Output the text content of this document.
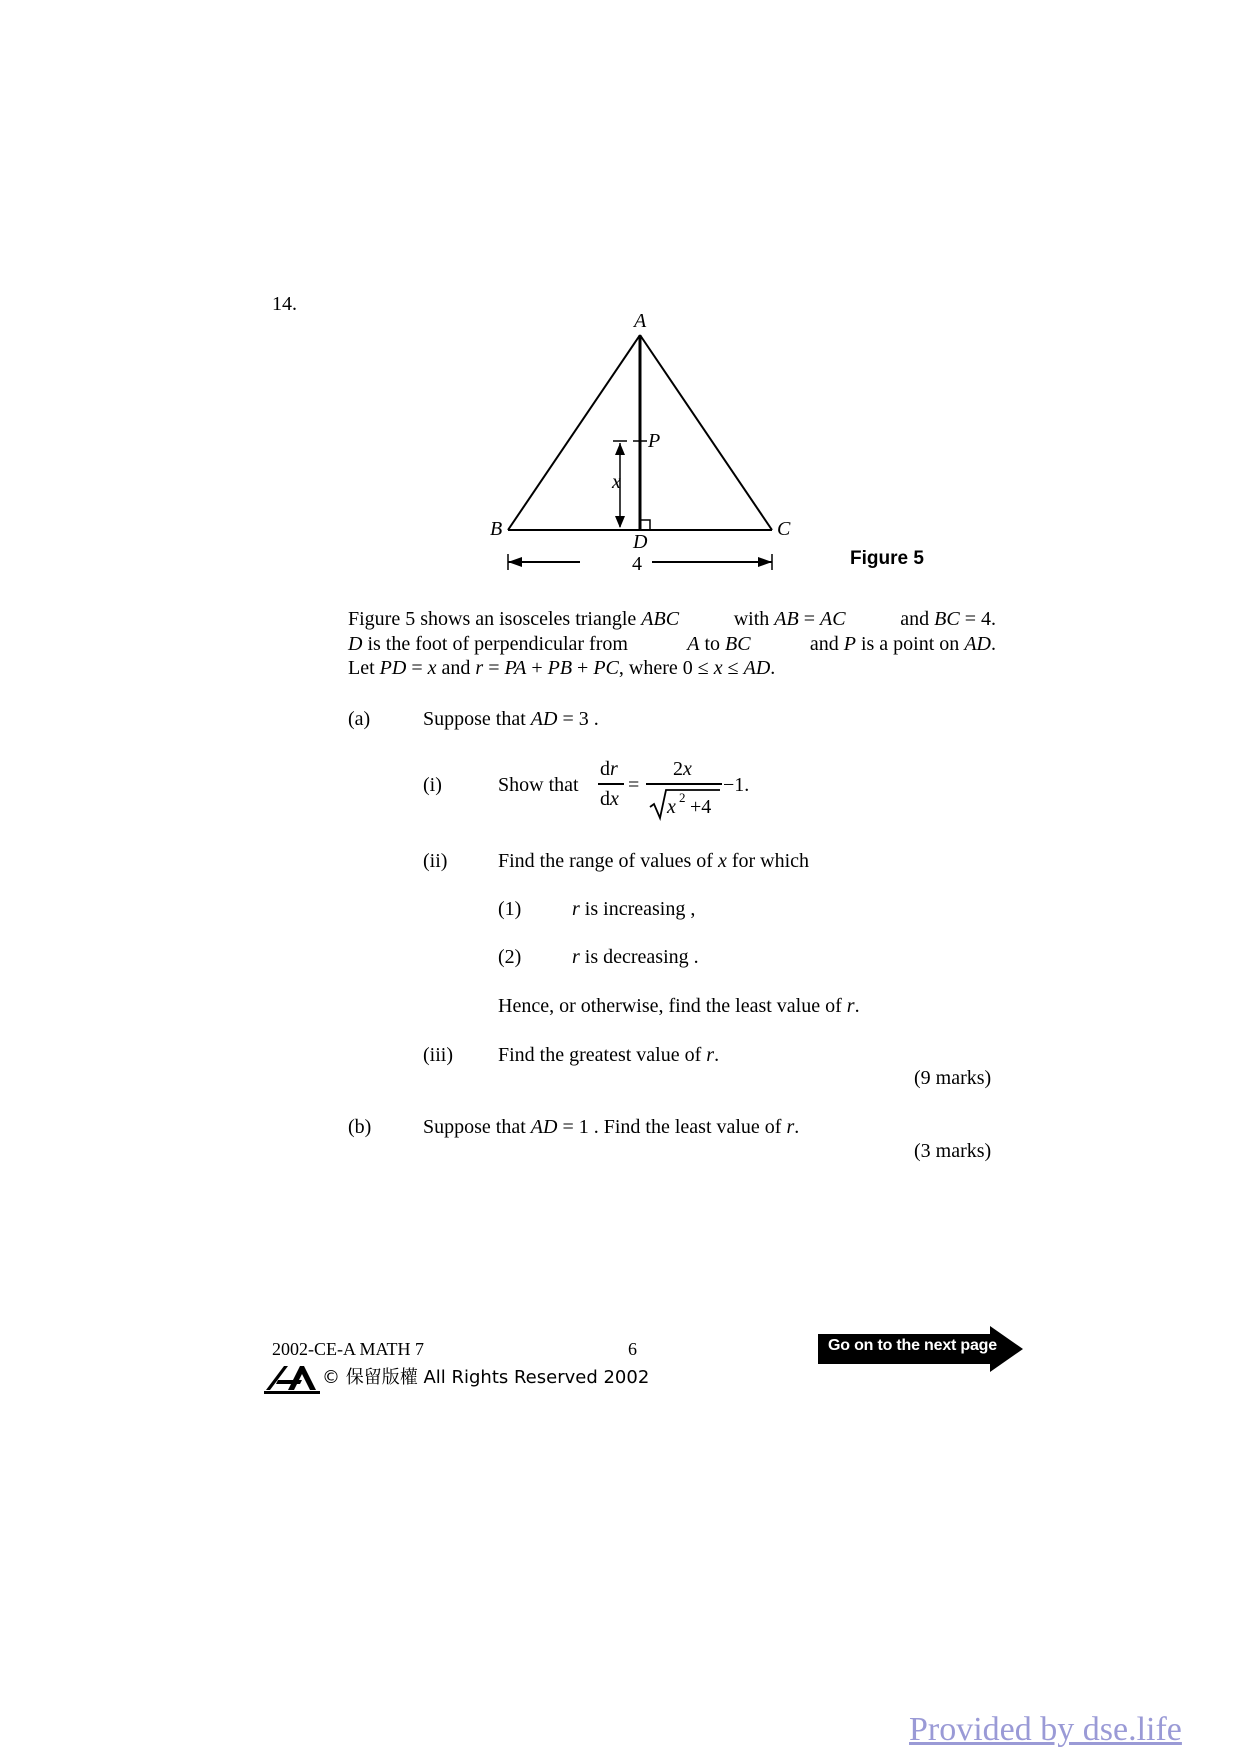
14.
A
B	C
D
P
x
4	Figure 5
Figure 5 shows an isosceles triangle ABC	with AB = AC	and BC = 4.
D is the foot of perpendicular from	A to BC	and P is a point on AD.
Let PD = x and r = PA + PB + PC, where 0 ≤ x ≤ AD.
(a)	Suppose that AD = 3 .
(i)	Show that
dr
dx
=
2x
x 2 +4
−1.
(ii)	Find the range of values of x for which
(1)	r is increasing ,
(2)	r is decreasing .
Hence, or otherwise, find the least value of r.
(iii) Find the greatest value of r.
(9 marks)
(b)	Suppose that AD = 1 . Find the least value of r.
(3 marks)
2002-CE-A MATH 7	6
© 保留版權 All Rights Reserved 2002
Go on to the next page
Provided by dse.life
